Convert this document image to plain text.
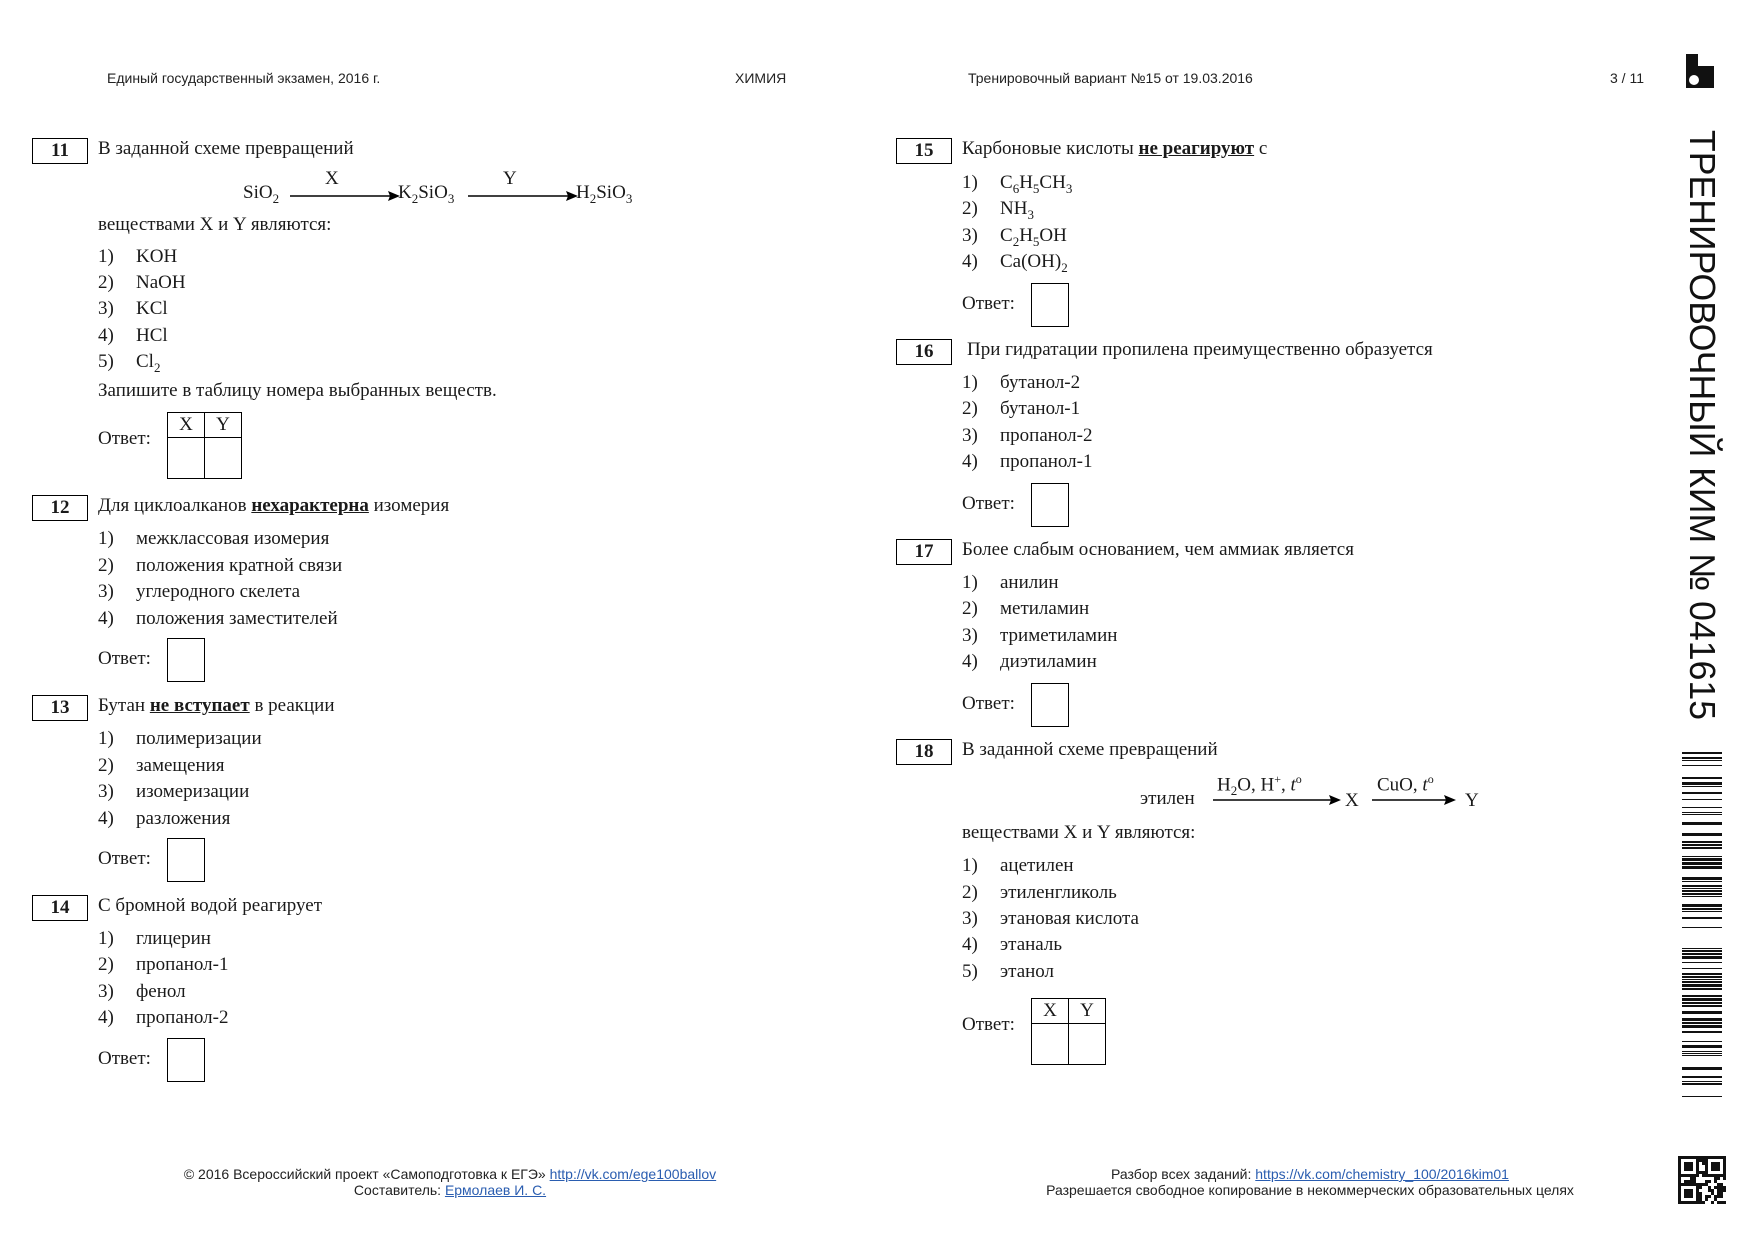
Единый государственный экзамен, 2016 г.	ХИМИЯ	Тренировочный вариант №15 от 19.03.2016	3 / 11
ТРЕНИРОВОЧНЫЙ КИМ № 041615
11	В заданной схеме превращений
SiO$_2$
X
$K_2SiO_3$
Y
$H_2SiO_3$
веществами X и Y являются:
1) KOH
2) NaOH
3) KCl
4) HCl
5) $Cl_2$
Запишите в таблицу номера выбранных веществ.
Ответ:
X	Y

12	Для циклоалканов нехарактерна изомерия
1) межклассовая изомерия
2) положения кратной связи
3) углеродного скелета
4) положения заместителей
Ответ:
13	Бутан не вступает в реакции
1) полимеризации
2) замещения
3) изомеризации
4) разложения
Ответ:
14	С бромной водой реагирует
1) глицерин
2) пропанол-1
3) фенол
4) пропанол-2
Ответ:
15	Карбоновые кислоты не реагируют с
1) $C_6H_5CH_3$
2) $NH_3$
3) $C_2H_5OH$
4) $Ca(OH)_2$
Ответ:
16	При гидратации пропилена преимущественно образуется
1) бутанол-2
2) бутанол-1
3) пропанол-2
4) пропанол-1
Ответ:
17	Более слабым основанием, чем аммиак является
1) анилин
2) метиламин
3) триметиламин
4) диэтиламин
Ответ:
18	В заданной схеме превращений
этилен
$H_2O$, H+, $t^o$
X
CuO, $t^o$
Y
веществами X и Y являются:
1) ацетилен
2) этиленгликоль
3) этановая кислота
4) этаналь
5) этанол
Ответ:
X	Y

© 2016 Всероссийский проект «Самоподготовка к ЕГЭ» http://vk.com/ege100ballov
Составитель: Ермолаев И. С.
Разбор всех заданий: https://vk.com/chemistry_100/2016kim01
Разрешается свободное копирование в некоммерческих образовательных целях
